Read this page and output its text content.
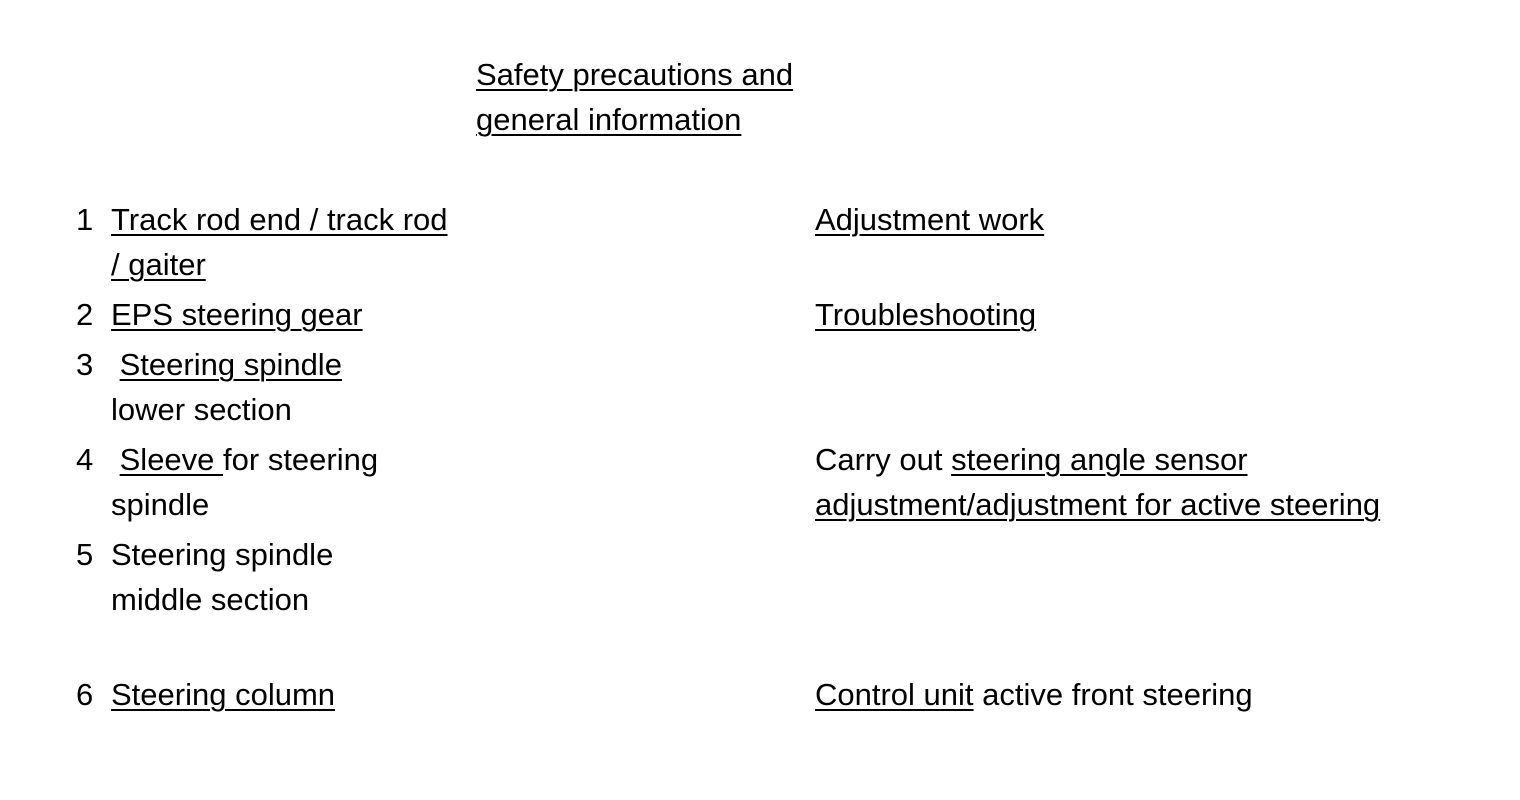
Safety precautions and
general information
1 Track rod end / track rod / gaiter
Adjustment work
2 EPS steering gear	Troubleshooting
3 Steering spindle
lower section
4 Sleeve for steering spindle
Carry out steering angle sensor adjustment/adjustment for active steering
5 Steering spindle middle section
6 Steering column	Control unit active front steering
